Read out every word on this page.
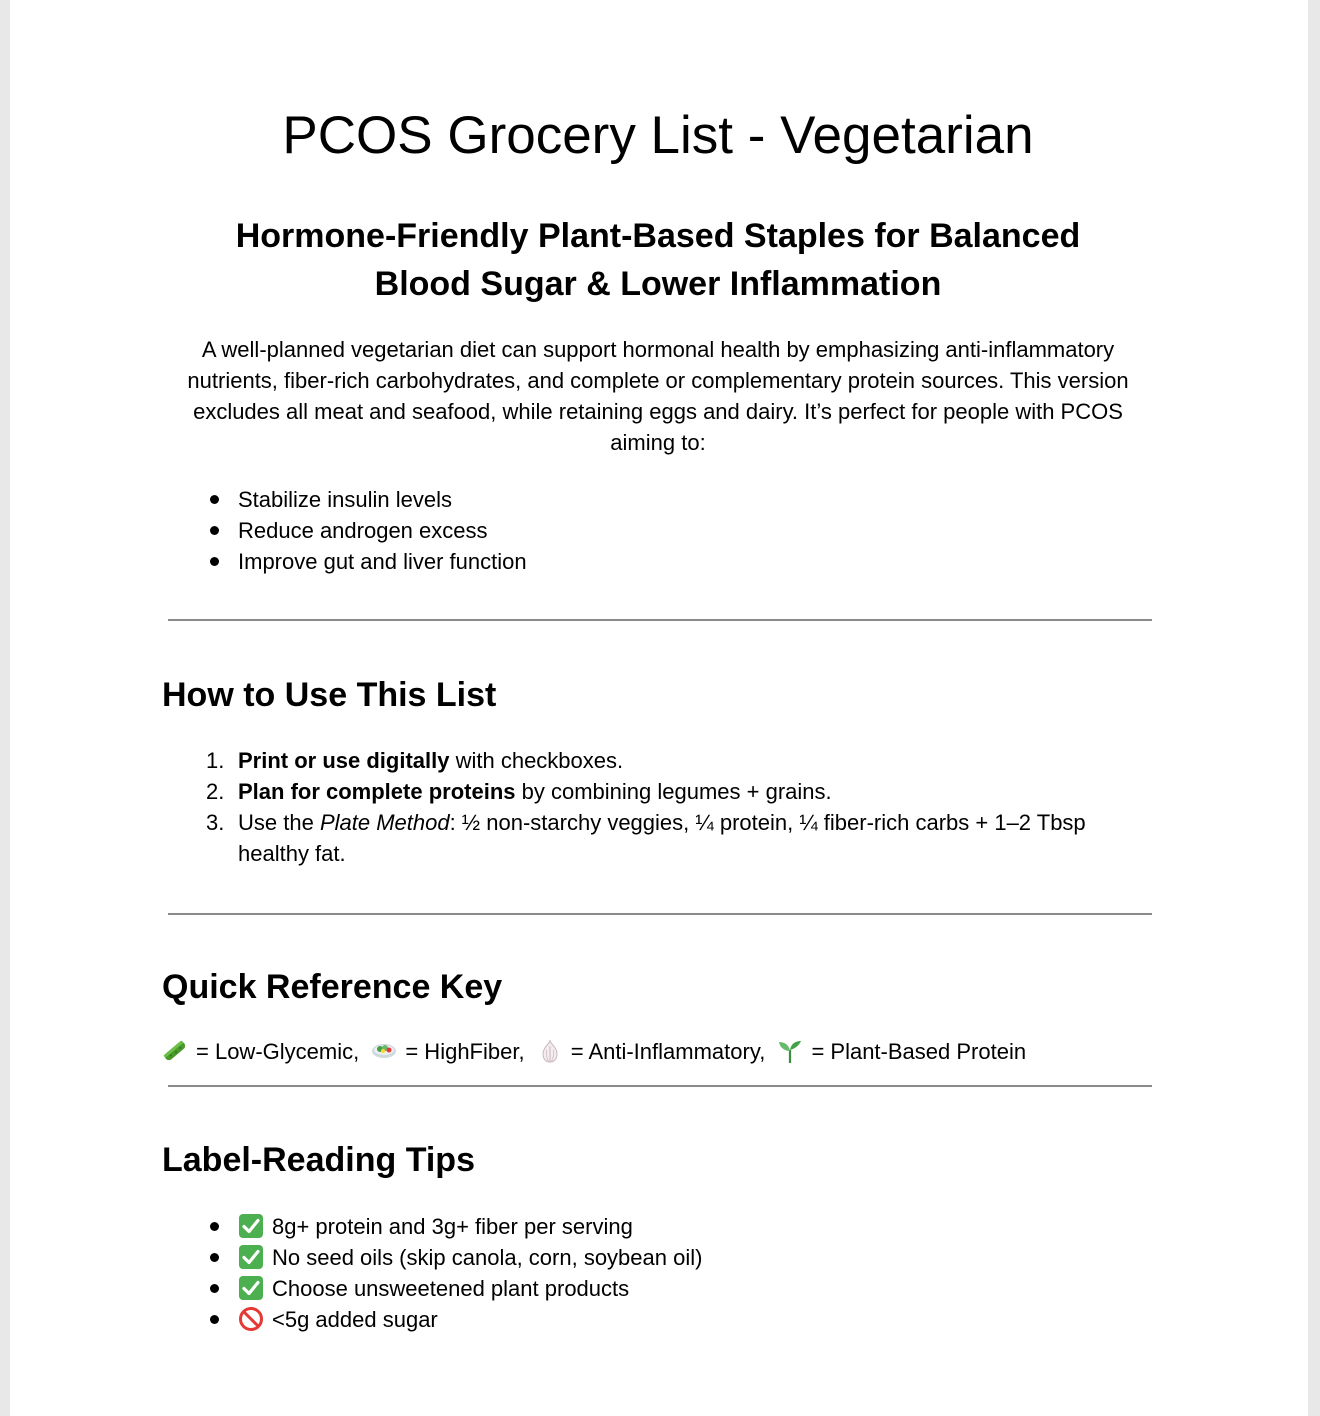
PCOS Grocery List - Vegetarian
Hormone-Friendly Plant-Based Staples for Balanced Blood Sugar & Lower Inflammation

A well-planned vegetarian diet can support hormonal health by emphasizing anti-inflammatory nutrients, fiber-rich carbohydrates, and complete or complementary protein sources. This version excludes all meat and seafood, while retaining eggs and dairy. It’s perfect for people with PCOS aiming to:

Stabilize insulin levels
Reduce androgen excess
Improve gut and liver function
How to Use This List
1. Print or use digitally with checkboxes.
2. Plan for complete proteins by combining legumes + grains.
3. Use the Plate Method: ½ non-starchy veggies, ¼ protein, ¼ fiber-rich carbs + 1–2 Tbsp healthy fat.
Quick Reference Key
= Low-Glycemic, = HighFiber, = Anti-Inflammatory, = Plant-Based Protein
Label-Reading Tips
8g+ protein and 3g+ fiber per serving
No seed oils (skip canola, corn, soybean oil)
Choose unsweetened plant products
<5g added sugar
